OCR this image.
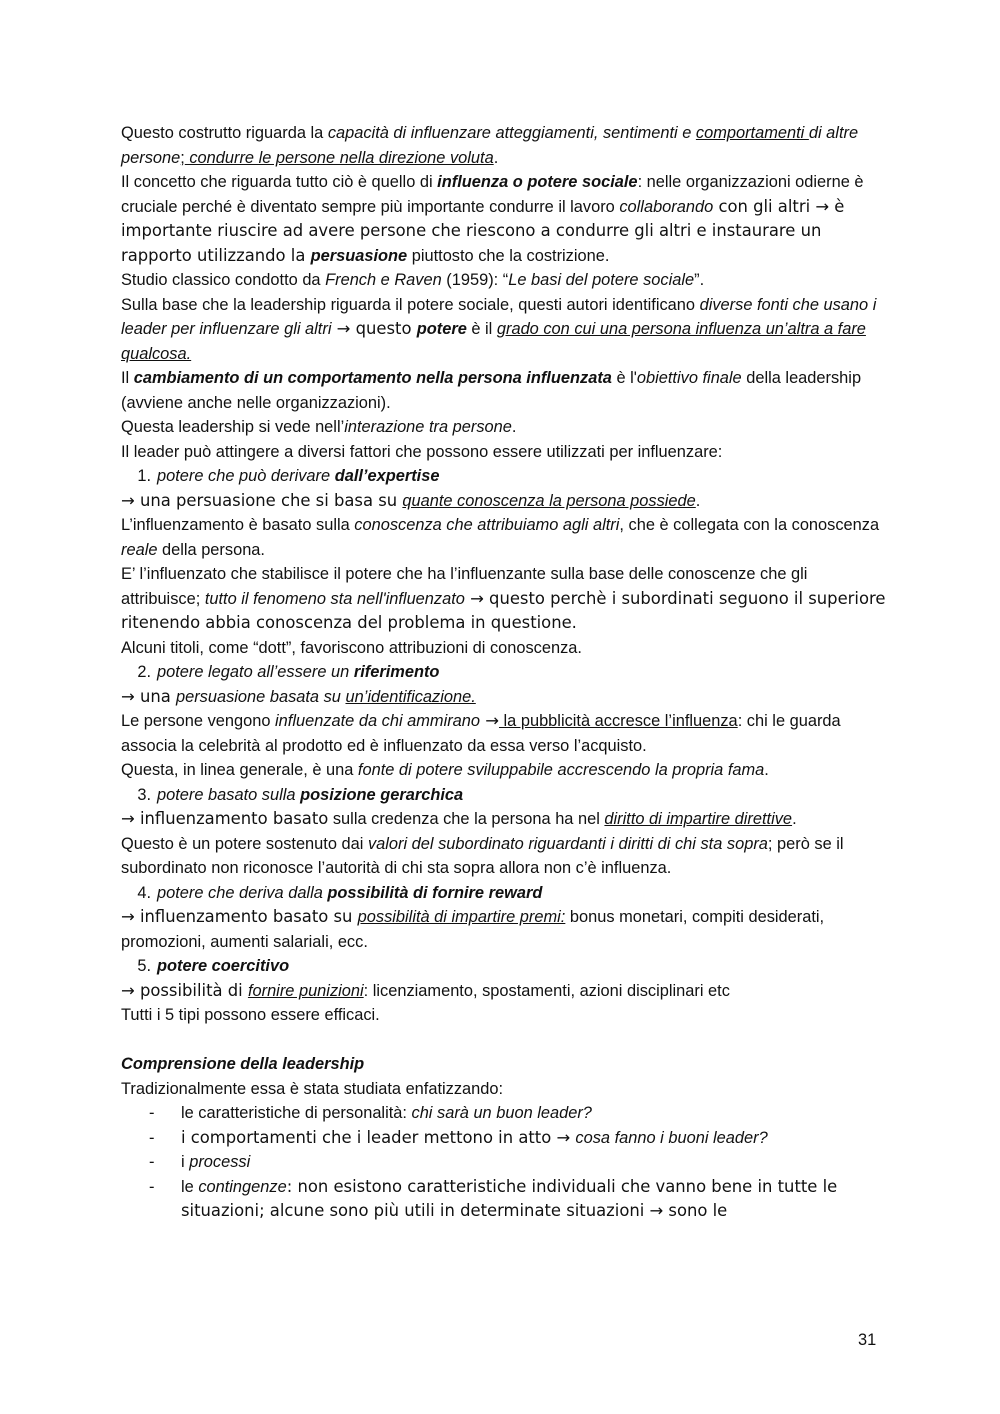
Questo costrutto riguarda la capacità di influenzare atteggiamenti, sentimenti e comportamenti di altre persone; condurre le persone nella direzione voluta.

Il concetto che riguarda tutto ciò è quello di influenza o potere sociale: nelle organizzazioni odierne è cruciale perché è diventato sempre più importante condurre il lavoro collaborando con gli altri → è importante riuscire ad avere persone che riescono a condurre gli altri e instaurare un rapporto utilizzando la persuasione piuttosto che la costrizione.

Studio classico condotto da French e Raven (1959): “Le basi del potere sociale”.

Sulla base che la leadership riguarda il potere sociale, questi autori identificano diverse fonti che usano i leader per influenzare gli altri → questo potere è il grado con cui una persona influenza un’altra a fare qualcosa.

Il cambiamento di un comportamento nella persona influenzata è l'obiettivo finale della leadership (avviene anche nelle organizzazioni).

Questa leadership si vede nell’interazione tra persone.

Il leader può attingere a diversi fattori che possono essere utilizzati per influenzare:

1. potere che può derivare dall’expertise

→ una persuasione che si basa su quante conoscenza la persona possiede.

L’influenzamento è basato sulla conoscenza che attribuiamo agli altri, che è collegata con la conoscenza reale della persona.

E’ l’influenzato che stabilisce il potere che ha l’influenzante sulla base delle conoscenze che gli attribuisce; tutto il fenomeno sta nell'influenzato → questo perchè i subordinati seguono il superiore ritenendo abbia conoscenza del problema in questione.

Alcuni titoli, come “dott”, favoriscono attribuzioni di conoscenza.

2. potere legato all’essere un riferimento

→ una persuasione basata su un’identificazione.

Le persone vengono influenzate da chi ammirano → la pubblicità accresce l’influenza: chi le guarda associa la celebrità al prodotto ed è influenzato da essa verso l’acquisto.

Questa, in linea generale, è una fonte di potere sviluppabile accrescendo la propria fama.

3. potere basato sulla posizione gerarchica

→ influenzamento basato sulla credenza che la persona ha nel diritto di impartire direttive.

Questo è un potere sostenuto dai valori del subordinato riguardanti i diritti di chi sta sopra; però se il subordinato non riconosce l’autorità di chi sta sopra allora non c’è influenza.

4. potere che deriva dalla possibilità di fornire reward

→ influenzamento basato su possibilità di impartire premi: bonus monetari, compiti desiderati, promozioni, aumenti salariali, ecc.

5. potere coercitivo

→ possibilità di fornire punizioni: licenziamento, spostamenti, azioni disciplinari etc

Tutti i 5 tipi possono essere efficaci.

Comprensione della leadership

Tradizionalmente essa è stata studiata enfatizzando:

-	le caratteristiche di personalità: chi sarà un buon leader?
-	i comportamenti che i leader mettono in atto → cosa fanno i buoni leader?
-	i processi
-	le contingenze: non esistono caratteristiche individuali che vanno bene in tutte le situazioni; alcune sono più utili in determinate situazioni → sono le
31
